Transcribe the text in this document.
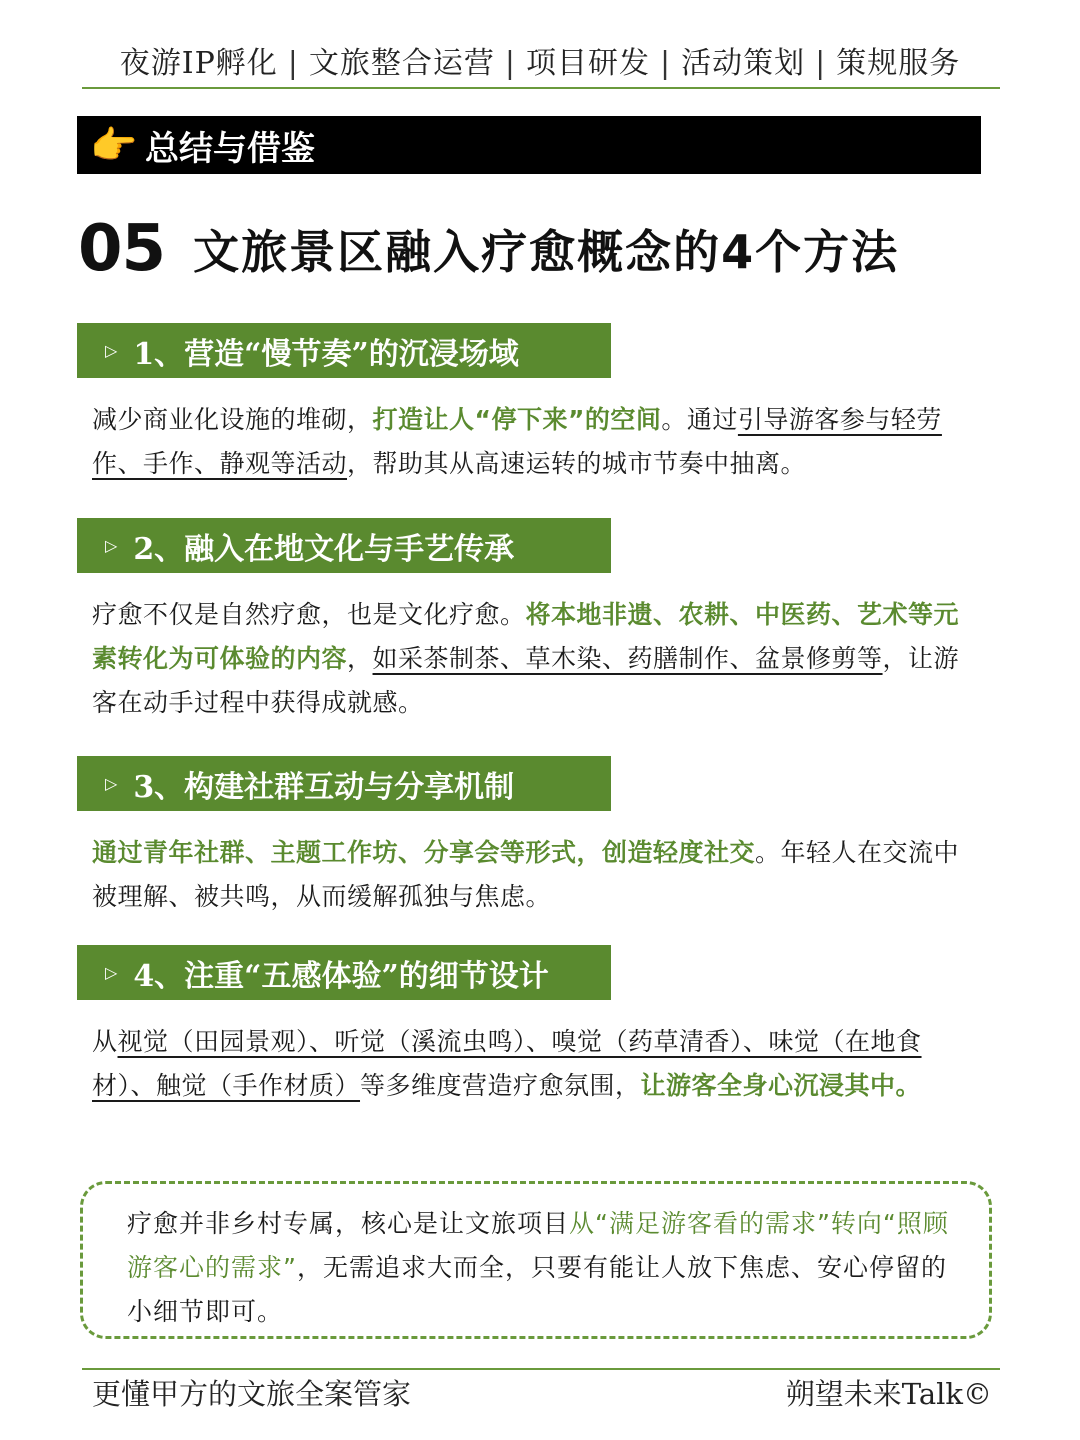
夜游IP孵化 | 文旅整合运营 | 项目研发 | 活动策划 | 策规服务
👉 总结与借鉴
05 文旅景区融入疗愈概念的4个方法
▷ 1、营造“慢节奏”的沉浸场域
减少商业化设施的堆砌，打造让人“停下来”的空间。通过引导游客参与轻劳作、手作、静观等活动，帮助其从高速运转的城市节奏中抽离。
▷ 2、融入在地文化与手艺传承
疗愈不仅是自然疗愈，也是文化疗愈。将本地非遗、农耕、中医药、艺术等元素转化为可体验的内容，如采茶制茶、草木染、药膳制作、盆景修剪等，让游客在动手过程中获得成就感。
▷ 3、构建社群互动与分享机制
通过青年社群、主题工作坊、分享会等形式，创造轻度社交。年轻人在交流中被理解、被共鸣，从而缓解孤独与焦虑。
▷ 4、注重“五感体验”的细节设计
从视觉（田园景观）、听觉（溪流虫鸣）、嗅觉（药草清香）、味觉（在地食材）、触觉（手作材质）等多维度营造疗愈氛围，让游客全身心沉浸其中。
疗愈并非乡村专属，核心是让文旅项目从“满足游客看的需求”转向“照顾游客心的需求”，无需追求大而全，只要有能让人放下焦虑、安心停留的小细节即可。
更懂甲方的文旅全案管家	朔望未来Talk©
